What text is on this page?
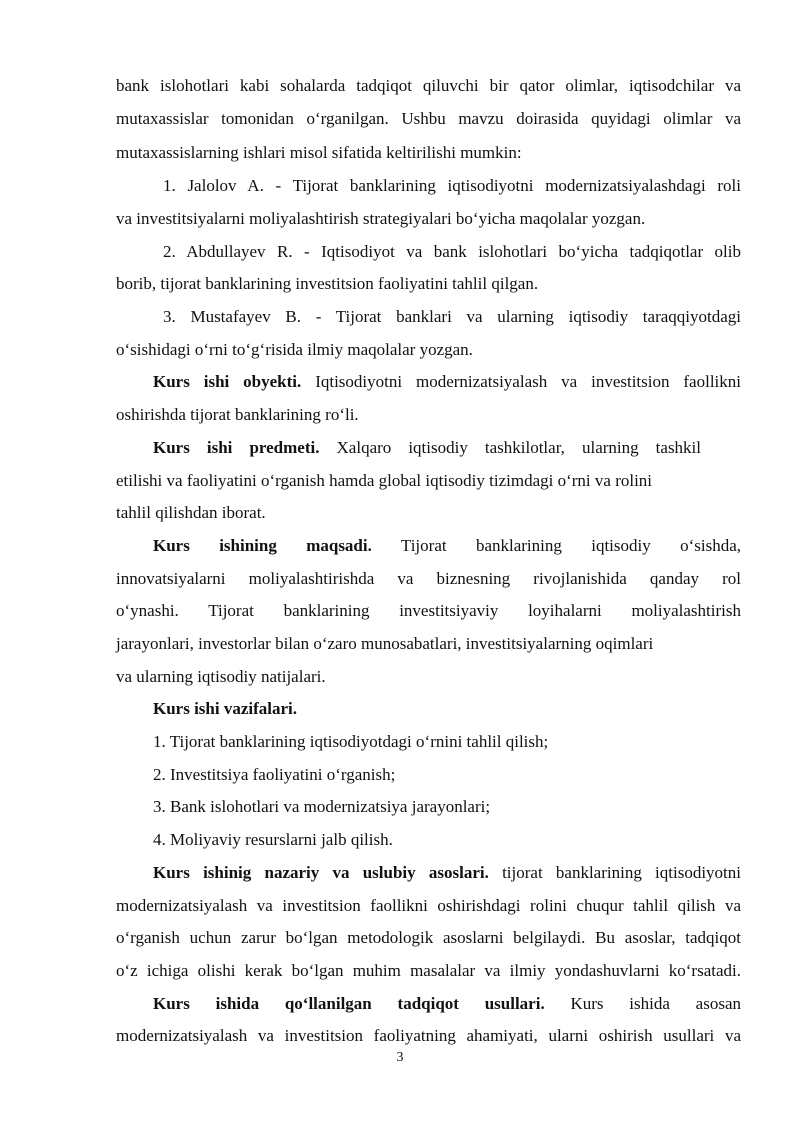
bank islohotlari kabi sohalarda tadqiqot qiluvchi bir qator olimlar, iqtisodchilar va
mutaxassislar tomonidan o‘rganilgan. Ushbu mavzu doirasida quyidagi olimlar va
mutaxassislarning ishlari misol sifatida keltirilishi mumkin:
1. Jalolov A. - Tijorat banklarining iqtisodiyotni modernizatsiyalashdagi roli
va investitsiyalarni moliyalashtirish strategiyalari bo‘yicha maqolalar yozgan.
2. Abdullayev R. - Iqtisodiyot va bank islohotlari bo‘yicha tadqiqotlar olib
borib, tijorat banklarining investitsion faoliyatini tahlil qilgan.
3. Mustafayev B. - Tijorat banklari va ularning iqtisodiy taraqqiyotdagi
o‘sishidagi o‘rni to‘g‘risida ilmiy maqolalar yozgan.
Kurs ishi obyekti. Iqtisodiyotni modernizatsiyalash va investitsion faollikni
oshirishda tijorat banklarining ro‘li.
Kurs ishi predmeti. Xalqaro iqtisodiy tashkilotlar, ularning tashkil
etilishi va faoliyatini o‘rganish hamda global iqtisodiy tizimdagi o‘rni va rolini
tahlil qilishdan iborat.
Kurs ishining maqsadi. Tijorat banklarining iqtisodiy o‘sishda,
innovatsiyalarni moliyalashtirishda va biznesning rivojlanishida qanday rol
o‘ynashi. Tijorat banklarining investitsiyaviy loyihalarni moliyalashtirish
jarayonlari, investorlar bilan o‘zaro munosabatlari, investitsiyalarning oqimlari
va ularning iqtisodiy natijalari.
Kurs ishi vazifalari.
1. Tijorat banklarining iqtisodiyotdagi o‘rnini tahlil qilish;
2. Investitsiya faoliyatini o‘rganish;
3. Bank islohotlari va modernizatsiya jarayonlari;
4. Moliyaviy resurslarni jalb qilish.
Kurs ishinig nazariy va uslubiy asoslari. tijorat banklarining iqtisodiyotni
modernizatsiyalash va investitsion faollikni oshirishdagi rolini chuqur tahlil qilish va
o‘rganish uchun zarur bo‘lgan metodologik asoslarni belgilaydi. Bu asoslar, tadqiqot
o‘z ichiga olishi kerak bo‘lgan muhim masalalar va ilmiy yondashuvlarni ko‘rsatadi.
Kurs ishida qo‘llanilgan tadqiqot usullari. Kurs ishida asosan
modernizatsiyalash va investitsion faoliyatning ahamiyati, ularni oshirish usullari va
3
